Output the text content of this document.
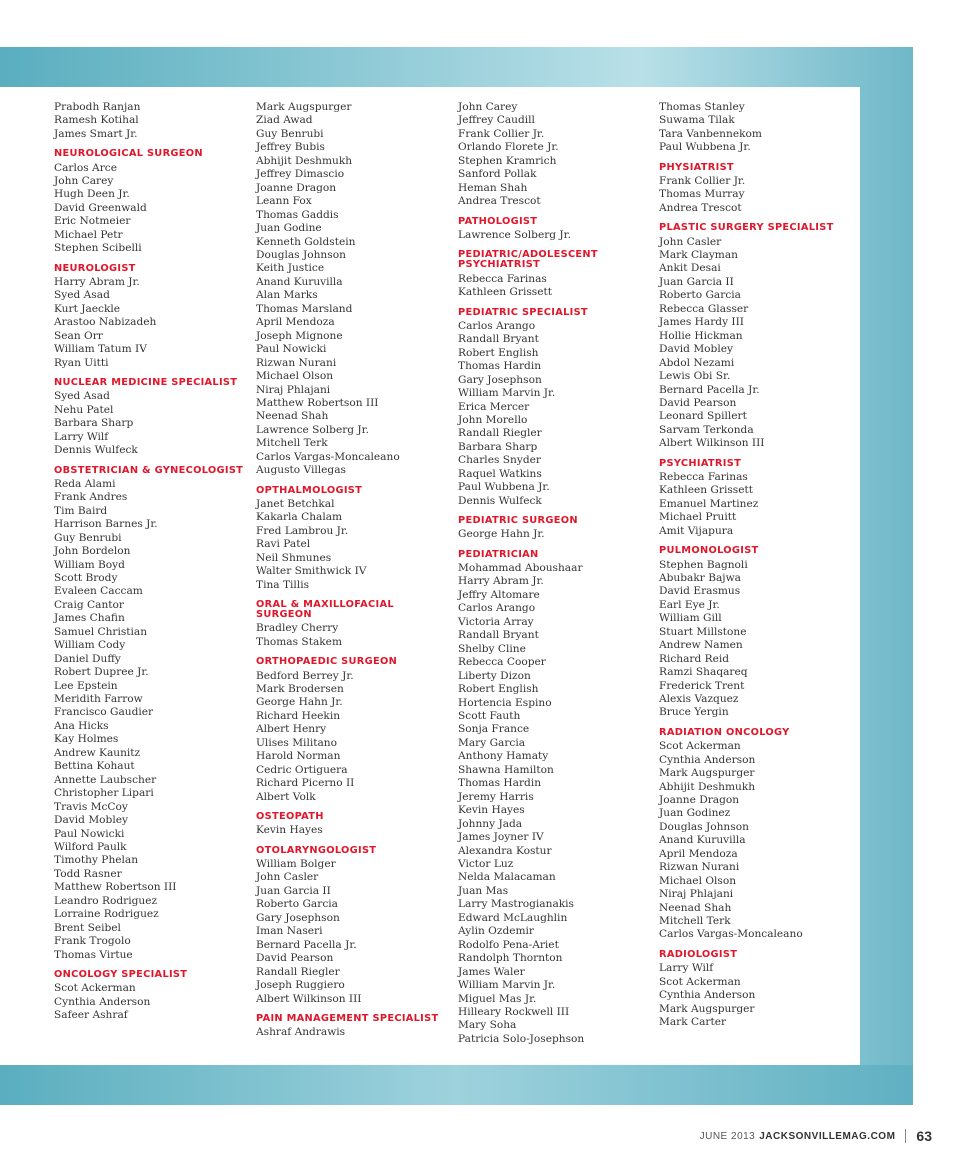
Prabodh Ranjan
Ramesh Kotihal
James Smart Jr.
NEUROLOGICAL SURGEON
Carlos Arce
John Carey
Hugh Deen Jr.
David Greenwald
Eric Notmeier
Michael Petr
Stephen Scibelli
NEUROLOGIST
Harry Abram Jr.
Syed Asad
Kurt Jaeckle
Arastoo Nabizadeh
Sean Orr
William Tatum IV
Ryan Uitti
NUCLEAR MEDICINE SPECIALIST
Syed Asad
Nehu Patel
Barbara Sharp
Larry Wilf
Dennis Wulfeck
OBSTETRICIAN & GYNECOLOGIST
Reda Alami
Frank Andres
Tim Baird
Harrison Barnes Jr.
Guy Benrubi
John Bordelon
William Boyd
Scott Brody
Evaleen Caccam
Craig Cantor
James Chafin
Samuel Christian
William Cody
Daniel Duffy
Robert Dupree Jr.
Lee Epstein
Meridith Farrow
Francisco Gaudier
Ana Hicks
Kay Holmes
Andrew Kaunitz
Bettina Kohaut
Annette Laubscher
Christopher Lipari
Travis McCoy
David Mobley
Paul Nowicki
Wilford Paulk
Timothy Phelan
Todd Rasner
Matthew Robertson III
Leandro Rodriguez
Lorraine Rodriguez
Brent Seibel
Frank Trogolo
Thomas Virtue
ONCOLOGY SPECIALIST
Scot Ackerman
Cynthia Anderson
Safeer Ashraf
Mark Augspurger
Ziad Awad
Guy Benrubi
Jeffrey Bubis
Abhijit Deshmukh
Jeffrey Dimascio
Joanne Dragon
Leann Fox
Thomas Gaddis
Juan Godine
Kenneth Goldstein
Douglas Johnson
Keith Justice
Anand Kuruvilla
Alan Marks
Thomas Marsland
April Mendoza
Joseph Mignone
Paul Nowicki
Rizwan Nurani
Michael Olson
Niraj Phlajani
Matthew Robertson III
Neenad Shah
Lawrence Solberg Jr.
Mitchell Terk
Carlos Vargas-Moncaleano
Augusto Villegas
OPTHALMOLOGIST
Janet Betchkal
Kakarla Chalam
Fred Lambrou Jr.
Ravi Patel
Neil Shmunes
Walter Smithwick IV
Tina Tillis
ORAL & MAXILLOFACIAL SURGEON
Bradley Cherry
Thomas Stakem
ORTHOPAEDIC SURGEON
Bedford Berrey Jr.
Mark Brodersen
George Hahn Jr.
Richard Heekin
Albert Henry
Ulises Militano
Harold Norman
Cedric Ortiguera
Richard Picerno II
Albert Volk
OSTEOPATH
Kevin Hayes
OTOLARYNGOLOGIST
William Bolger
John Casler
Juan Garcia II
Roberto Garcia
Gary Josephson
Iman Naseri
Bernard Pacella Jr.
David Pearson
Randall Riegler
Joseph Ruggiero
Albert Wilkinson III
PAIN MANAGEMENT SPECIALIST
Ashraf Andrawis
John Carey
Jeffrey Caudill
Frank Collier Jr.
Orlando Florete Jr.
Stephen Kramrich
Sanford Pollak
Heman Shah
Andrea Trescot
PATHOLOGIST
Lawrence Solberg Jr.
PEDIATRIC/ADOLESCENT PSYCHIATRIST
Rebecca Farinas
Kathleen Grissett
PEDIATRIC SPECIALIST
Carlos Arango
Randall Bryant
Robert English
Thomas Hardin
Gary Josephson
William Marvin Jr.
Erica Mercer
John Morello
Randall Riegler
Barbara Sharp
Charles Snyder
Raquel Watkins
Paul Wubbena Jr.
Dennis Wulfeck
PEDIATRIC SURGEON
George Hahn Jr.
PEDIATRICIAN
Mohammad Aboushaar
Harry Abram Jr.
Jeffry Altomare
Carlos Arango
Victoria Array
Randall Bryant
Shelby Cline
Rebecca Cooper
Liberty Dizon
Robert English
Hortencia Espino
Scott Fauth
Sonja France
Mary Garcia
Anthony Hamaty
Shawna Hamilton
Thomas Hardin
Jeremy Harris
Kevin Hayes
Johnny Jada
James Joyner IV
Alexandra Kostur
Victor Luz
Nelda Malacaman
Juan Mas
Larry Mastrogianakis
Edward McLaughlin
Aylin Ozdemir
Rodolfo Pena-Ariet
Randolph Thornton
James Waler
William Marvin Jr.
Miguel Mas Jr.
Hilleary Rockwell III
Mary Soha
Patricia Solo-Josephson
Thomas Stanley
Suwama Tilak
Tara Vanbennekom
Paul Wubbena Jr.
PHYSIATRIST
Frank Collier Jr.
Thomas Murray
Andrea Trescot
PLASTIC SURGERY SPECIALIST
John Casler
Mark Clayman
Ankit Desai
Juan Garcia II
Roberto Garcia
Rebecca Glasser
James Hardy III
Hollie Hickman
David Mobley
Abdol Nezami
Lewis Obi Sr.
Bernard Pacella Jr.
David Pearson
Leonard Spillert
Sarvam Terkonda
Albert Wilkinson III
PSYCHIATRIST
Rebecca Farinas
Kathleen Grissett
Emanuel Martinez
Michael Pruitt
Amit Vijapura
PULMONOLOGIST
Stephen Bagnoli
Abubakr Bajwa
David Erasmus
Earl Eye Jr.
William Gill
Stuart Millstone
Andrew Namen
Richard Reid
Ramzi Shaqareq
Frederick Trent
Alexis Vazquez
Bruce Yergin
RADIATION ONCOLOGY
Scot Ackerman
Cynthia Anderson
Mark Augspurger
Abhijit Deshmukh
Joanne Dragon
Juan Godinez
Douglas Johnson
Anand Kuruvilla
April Mendoza
Rizwan Nurani
Michael Olson
Niraj Phlajani
Neenad Shah
Mitchell Terk
Carlos Vargas-Moncaleano
RADIOLOGIST
Larry Wilf
Scot Ackerman
Cynthia Anderson
Mark Augspurger
Mark Carter
JUNE 2013 JACKSONVILLEMAG.COM 63
